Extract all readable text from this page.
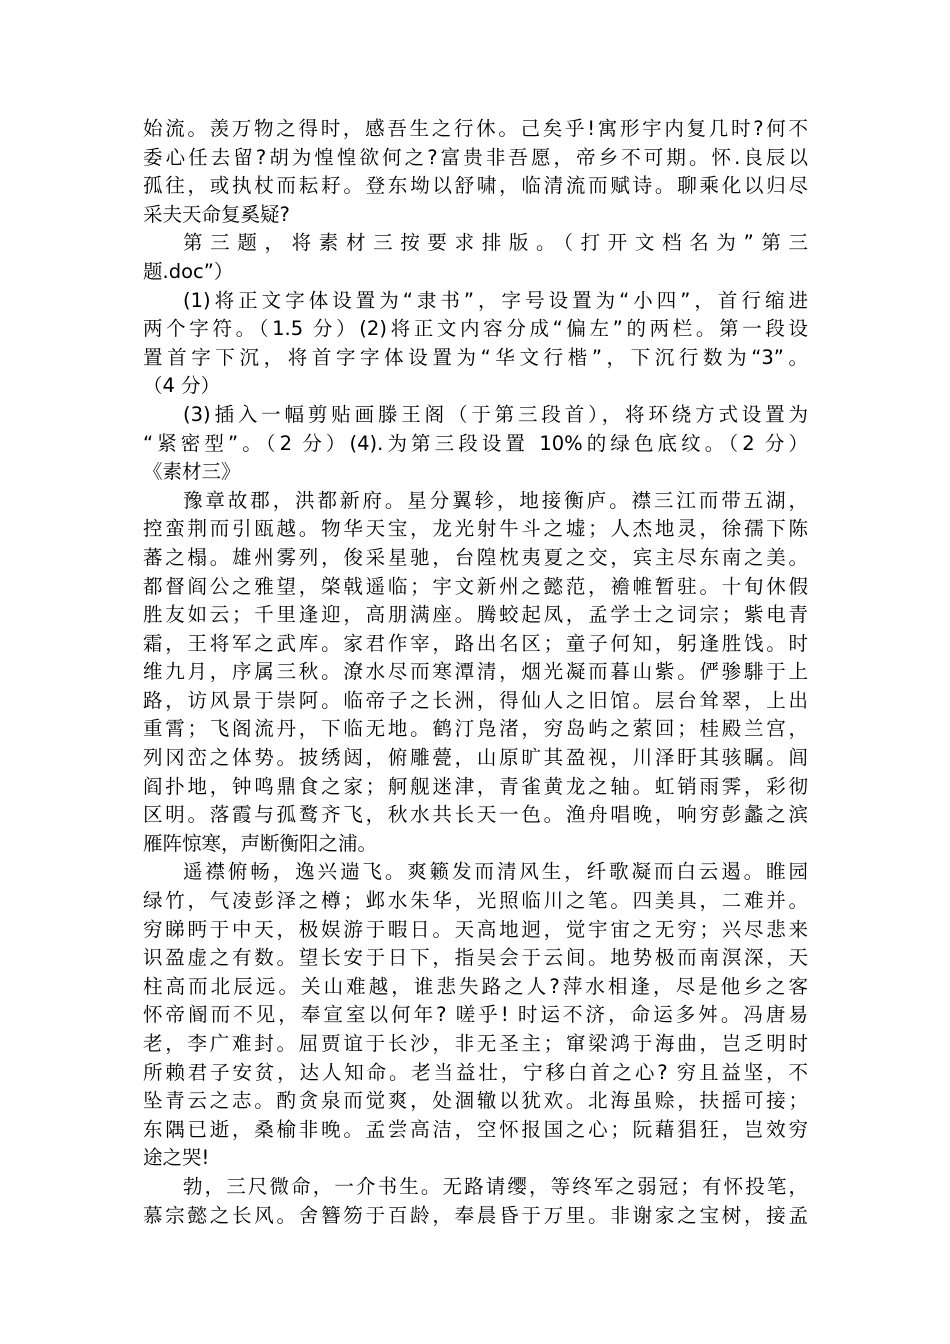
始流。羡万物之得时，感吾生之行休。己矣乎!寓形宇内复几时?何不
委心任去留?胡为惶惶欲何之?富贵非吾愿，帝乡不可期。怀.良辰以
孤往，或执杖而耘耔。登东坳以舒啸，临清流而赋诗。聊乘化以归尽
采夫天命复奚疑?
第三题，将素材三按要求排版。（打开文档名为”第三
题.doc”）
(1)将正文字体设置为“隶书”，字号设置为“小四”，首行缩进
两个字符。（1.5 分）(2)将正文内容分成“偏左”的两栏。第一段设
置首字下沉，将首字字体设置为“华文行楷”，下沉行数为“3”。
（4 分）
(3)插入一幅剪贴画滕王阁（于第三段首），将环绕方式设置为
“紧密型”。（2 分）(4).为第三段设置 10%的绿色底纹。（2 分）
《素材三》
豫章故郡，洪都新府。星分翼轸，地接衡庐。襟三江而带五湖，
控蛮荆而引瓯越。物华天宝，龙光射牛斗之墟；人杰地灵，徐孺下陈
蕃之榻。雄州雾列，俊采星驰，台隍枕夷夏之交，宾主尽东南之美。
都督阎公之雅望，棨戟遥临；宇文新州之懿范，襜帷暂驻。十旬休假
胜友如云；千里逢迎，高朋满座。腾蛟起凤，孟学士之词宗；紫电青
霜，王将军之武库。家君作宰，路出名区；童子何知，躬逢胜饯。时
维九月，序属三秋。潦水尽而寒潭清，烟光凝而暮山紫。俨骖騑于上
路，访风景于崇阿。临帝子之长洲，得仙人之旧馆。层台耸翠，上出
重霄；飞阁流丹，下临无地。鹤汀凫渚，穷岛屿之萦回；桂殿兰宫，
列冈峦之体势。披绣闼，俯雕甍，山原旷其盈视，川泽盱其骇瞩。闾
阎扑地，钟鸣鼎食之家；舸舰迷津，青雀黄龙之轴。虹销雨霁，彩彻
区明。落霞与孤鹜齐飞，秋水共长天一色。渔舟唱晚，响穷彭蠡之滨
雁阵惊寒，声断衡阳之浦。
遥襟俯畅，逸兴遄飞。爽籁发而清风生，纤歌凝而白云遏。睢园
绿竹，气凌彭泽之樽；邺水朱华，光照临川之笔。四美具，二难并。
穷睇眄于中天，极娱游于暇日。天高地迥，觉宇宙之无穷；兴尽悲来
识盈虚之有数。望长安于日下，指吴会于云间。地势极而南溟深，天
柱高而北辰远。关山难越，谁悲失路之人?萍水相逢，尽是他乡之客
怀帝阍而不见，奉宣室以何年? 嗟乎! 时运不济，命运多舛。冯唐易
老，李广难封。屈贾谊于长沙，非无圣主；窜梁鸿于海曲，岂乏明时
所赖君子安贫，达人知命。老当益壮，宁移白首之心? 穷且益坚，不
坠青云之志。酌贪泉而觉爽，处涸辙以犹欢。北海虽赊，扶摇可接；
东隅已逝，桑榆非晚。孟尝高洁，空怀报国之心；阮藉猖狂，岂效穷
途之哭!
勃，三尺微命，一介书生。无路请缨，等终军之弱冠；有怀投笔，
慕宗懿之长风。舍簪笏于百龄，奉晨昏于万里。非谢家之宝树，接孟
